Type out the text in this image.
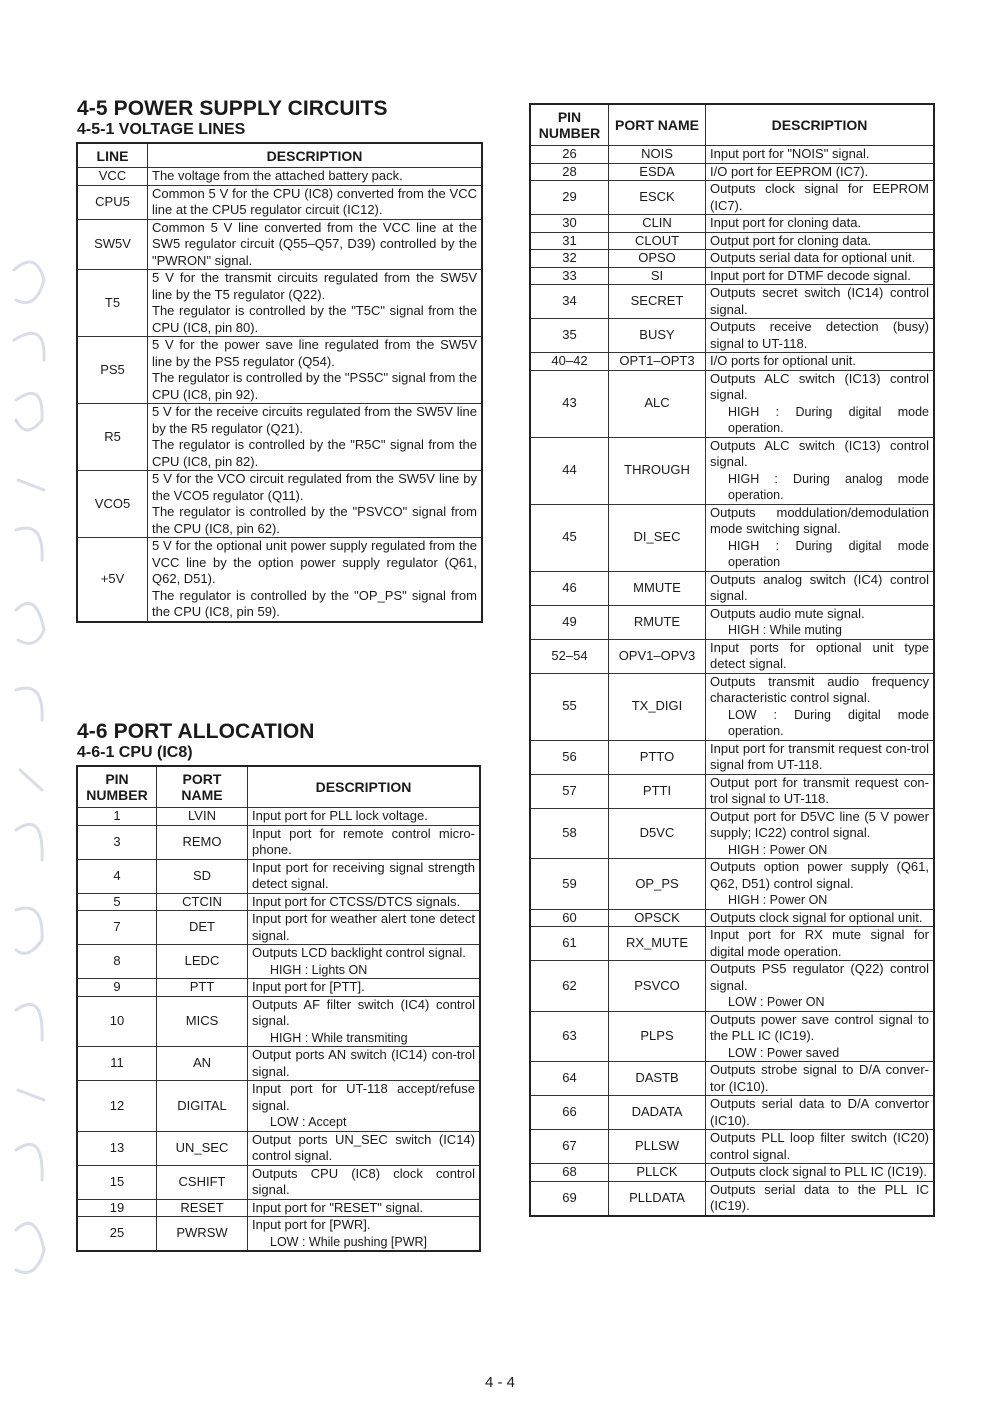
4-5 POWER SUPPLY CIRCUITS
4-5-1 VOLTAGE LINES
LINE	DESCRIPTION
VCC	The voltage from the attached battery pack.

CPU5	Common 5 V for the CPU (IC8) converted from the VCC line at the CPU5 regulator circuit (IC12).

SW5V	Common 5 V line converted from the VCC line at the SW5 regulator circuit (Q55–Q57, D39) controlled by the "PWRON" signal.

T5	5 V for the transmit circuits regulated from the SW5V line by the T5 regulator (Q22).
The regulator is controlled by the "T5C" signal from the CPU (IC8, pin 80).

PS5	5 V for the power save line regulated from the SW5V line by the PS5 regulator (Q54).
The regulator is controlled by the "PS5C" signal from the CPU (IC8, pin 92).

R5	5 V for the receive circuits regulated from the SW5V line by the R5 regulator (Q21).
The regulator is controlled by the "R5C" signal from the CPU (IC8, pin 82).

VCO5	5 V for the VCO circuit regulated from the SW5V line by the VCO5 regulator (Q11).
The regulator is controlled by the "PSVCO" signal from the CPU (IC8, pin 62).

+5V	5 V for the optional unit power supply regulated from the VCC line by the option power supply regulator (Q61, Q62, D51).
The regulator is controlled by the "OP_PS" signal from the CPU (IC8, pin 59).
4-6 PORT ALLOCATION
4-6-1 CPU (IC8)
PIN NUMBER	PORT NAME	DESCRIPTION
1	LVIN	Input port for PLL lock voltage.

3	REMO	Input port for remote control micro-phone.

4	SD	Input port for receiving signal strength detect signal.

5	CTCIN	Input port for CTCSS/DTCS signals.

7	DET	Input port for weather alert tone detect signal.

8	LEDC	Outputs LCD backlight control signal.
HIGH : Lights ON

9	PTT	Input port for [PTT].

10	MICS	Outputs AF filter switch (IC4) control signal.
HIGH : While transmiting

11	AN	Output ports AN switch (IC14) con-trol signal.

12	DIGITAL	Input port for UT-118 accept/refuse signal.
LOW : Accept

13	UN_SEC	Output ports UN_SEC switch (IC14) control signal.

15	CSHIFT	Outputs CPU (IC8) clock control signal.

19	RESET	Input port for "RESET" signal.

25	PWRSW	Input port for [PWR].
LOW : While pushing [PWR]
PIN NUMBER	PORT NAME	DESCRIPTION
26	NOIS	Input port for "NOIS" signal.

28	ESDA	I/O port for EEPROM (IC7).

29	ESCK	Outputs clock signal for EEPROM (IC7).

30	CLIN	Input port for cloning data.

31	CLOUT	Output port for cloning data.

32	OPSO	Outputs serial data for optional unit.

33	SI	Input port for DTMF decode signal.

34	SECRET	Outputs secret switch (IC14) control signal.

35	BUSY	Outputs receive detection (busy) signal to UT-118.

40–42	OPT1–OPT3	I/O ports for optional unit.

43	ALC	Outputs ALC switch (IC13) control signal.
HIGH : During digital mode operation.

44	THROUGH	Outputs ALC switch (IC13) control signal.
HIGH : During analog mode operation.

45	DI_SEC	Outputs moddulation/demodulation mode switching signal.
HIGH : During digital mode operation

46	MMUTE	Outputs analog switch (IC4) control signal.

49	RMUTE	Outputs audio mute signal.
HIGH : While muting

52–54	OPV1–OPV3	Input ports for optional unit type detect signal.

55	TX_DIGI	Outputs transmit audio frequency characteristic control signal.
LOW : During digital mode operation.

56	PTTO	Input port for transmit request con-trol signal from UT-118.

57	PTTI	Output port for transmit request con-trol signal to UT-118.

58	D5VC	Output port for D5VC line (5 V power supply; IC22) control signal.
HIGH : Power ON

59	OP_PS	Outputs option power supply (Q61, Q62, D51) control signal.
HIGH : Power ON

60	OPSCK	Outputs clock signal for optional unit.

61	RX_MUTE	Input port for RX mute signal for digital mode operation.

62	PSVCO	Outputs PS5 regulator (Q22) control signal.
LOW : Power ON

63	PLPS	Outputs power save control signal to the PLL IC (IC19).
LOW : Power saved

64	DASTB	Outputs strobe signal to D/A conver-tor (IC10).

66	DADATA	Outputs serial data to D/A convertor (IC10).

67	PLLSW	Outputs PLL loop filter switch (IC20) control signal.

68	PLLCK	Outputs clock signal to PLL IC (IC19).

69	PLLDATA	Outputs serial data to the PLL IC (IC19).
4 - 4
